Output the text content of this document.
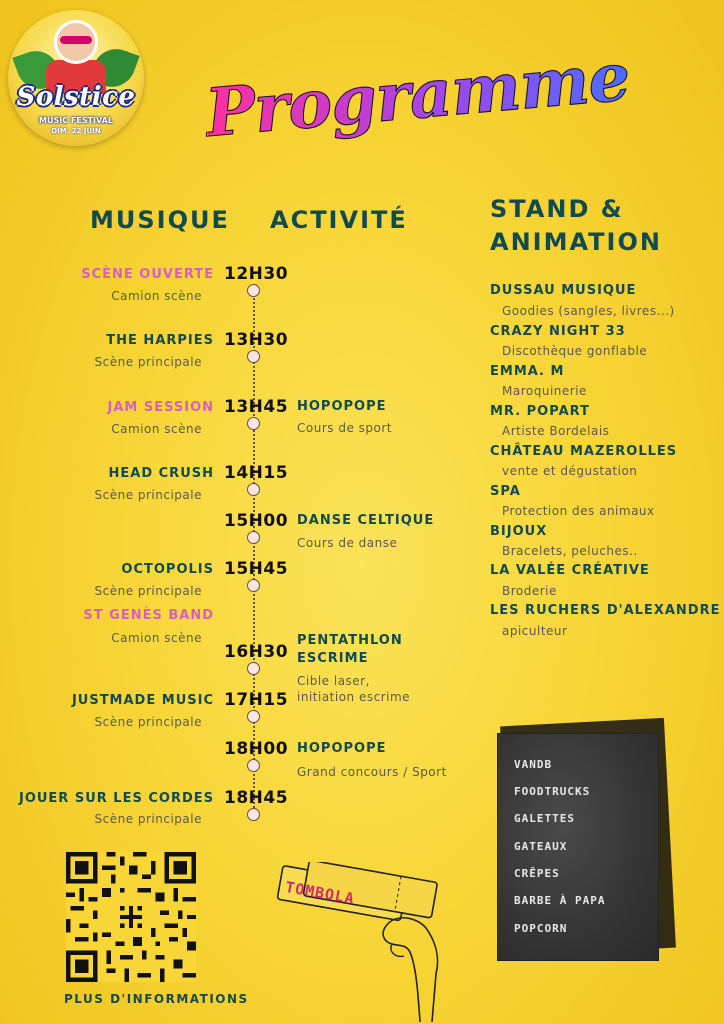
Solstice
MUSIC FESTIVAL
DIM. 22 JUIN	Programme
MUSIQUE ACTIVITÉ	STAND &
ANIMATION
SCÈNE OUVERTE
Camion scène
12H30
THE HARPIES
Scène principale
13H30
JAM SESSION
Camion scène
13H45
HEAD CRUSH
Scène principale
14H15
15H00
OCTOPOLIS
Scène principale
15H45
ST GENÈS BAND
Camion scène
16H30
JUSTMADE MUSIC
Scène principale
17H15
18H00
JOUER SUR LES CORDES
Scène principale
18H45
HOPOPOPE
Cours de sport
DANSE CELTIQUE
Cours de danse
PENTATHLON
ESCRIME
Cible laser,
initiation escrime
HOPOPOPE
Grand concours / Sport
DUSSAU MUSIQUE
Goodies (sangles, livres...)
CRAZY NIGHT 33
Discothèque gonflable
EMMA. M
Maroquinerie
MR. POPART
Artiste Bordelais
CHÂTEAU MAZEROLLES
vente et dégustation
SPA
Protection des animaux
BIJOUX
Bracelets, peluches..
LA VALÉE CRÉATIVE
Broderie
LES RUCHERS D'ALEXANDRE
apiculteur
VANDB
FOODTRUCKS
GALETTES
GATEAUX
CRÊPES
BARBE À PAPA
POPCORN
PLUS D'INFORMATIONS
TOMBOLA
